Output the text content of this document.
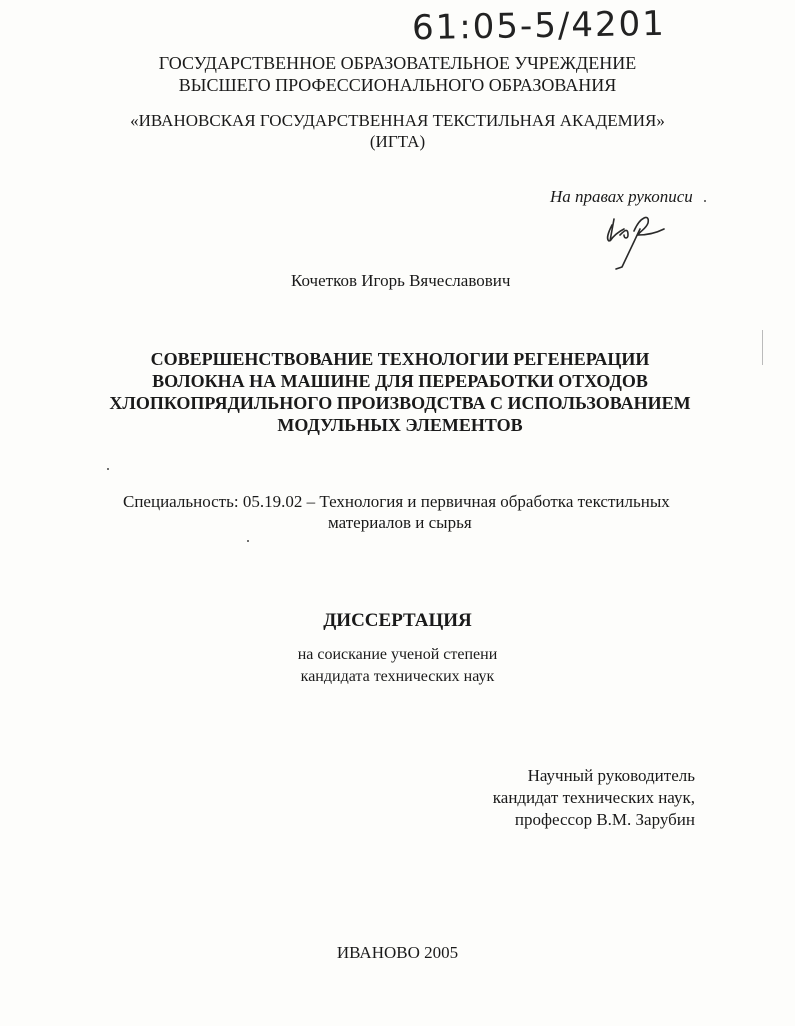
61:05-5/4201
ГОСУДАРСТВЕННОЕ ОБРАЗОВАТЕЛЬНОЕ УЧРЕЖДЕНИЕ
ВЫСШЕГО ПРОФЕССИОНАЛЬНОГО ОБРАЗОВАНИЯ
«ИВАНОВСКАЯ ГОСУДАРСТВЕННАЯ ТЕКСТИЛЬНАЯ АКАДЕМИЯ»
(ИГТА)
На правах рукописи
Кочетков Игорь Вячеславович
СОВЕРШЕНСТВОВАНИЕ ТЕХНОЛОГИИ РЕГЕНЕРАЦИИ
ВОЛОКНА НА МАШИНЕ ДЛЯ ПЕРЕРАБОТКИ ОТХОДОВ
ХЛОПКОПРЯДИЛЬНОГО ПРОИЗВОДСТВА С ИСПОЛЬЗОВАНИЕМ
МОДУЛЬНЫХ ЭЛЕМЕНТОВ
Специальность: 05.19.02 – Технология и первичная обработка текстильных
материалов и сырья
ДИССЕРТАЦИЯ
на соискание ученой степени
кандидата технических наук
Научный руководитель
кандидат технических наук,
профессор В.М. Зарубин
ИВАНОВО 2005
